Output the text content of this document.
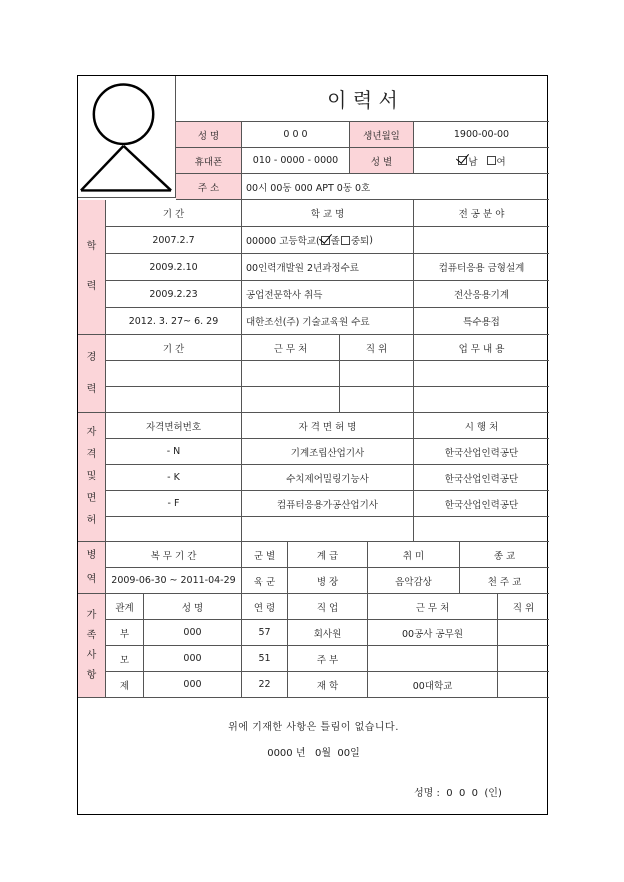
이 력 서
성 명	0 0 0	생년월일	1900-00-00
휴대폰	010 - 0000 - 0000	성 별	남 여
주 소	00시 00동 000 APT 0동 0호
학
력
기 간	학 교 명	전 공 분 야
2007.2.7	00000 고등학교( 졸 중퇴 )
2009.2.10	00인력개발원 2년과정수료	컴퓨터응용 금형설계
2009.2.23	공업전문학사 취득	전산응용기계
2012. 3. 27~ 6. 29	대한조선(주) 기술교육원 수료	특수용접
경
력
기 간	근 무 처	직 위	업 무 내 용
자
격
및
면
허
자격면허번호	자 격 면 허 명	시 행 처
- N	기계조립산업기사	한국산업인력공단
- K	수치제어밀링기능사	한국산업인력공단
- F	컴퓨터응용가공산업기사	한국산업인력공단
병
역
복 무 기 간	군 별	계 급	취 미	종 교
2009-06-30 ~ 2011-04-29	육 군	병 장	음악감상	천 주 교
가
족
사
항
관계	성 명	연 령	직 업	근 무 처	직 위
부	000	57	회사원	00공사 공무원
모	000	51	주 부
제	000	22	재 학	00대학교
위에 기재한 사항은 틀림이 없습니다.
0000 년   0월  00일
성명 :  0  0  0  (인)
